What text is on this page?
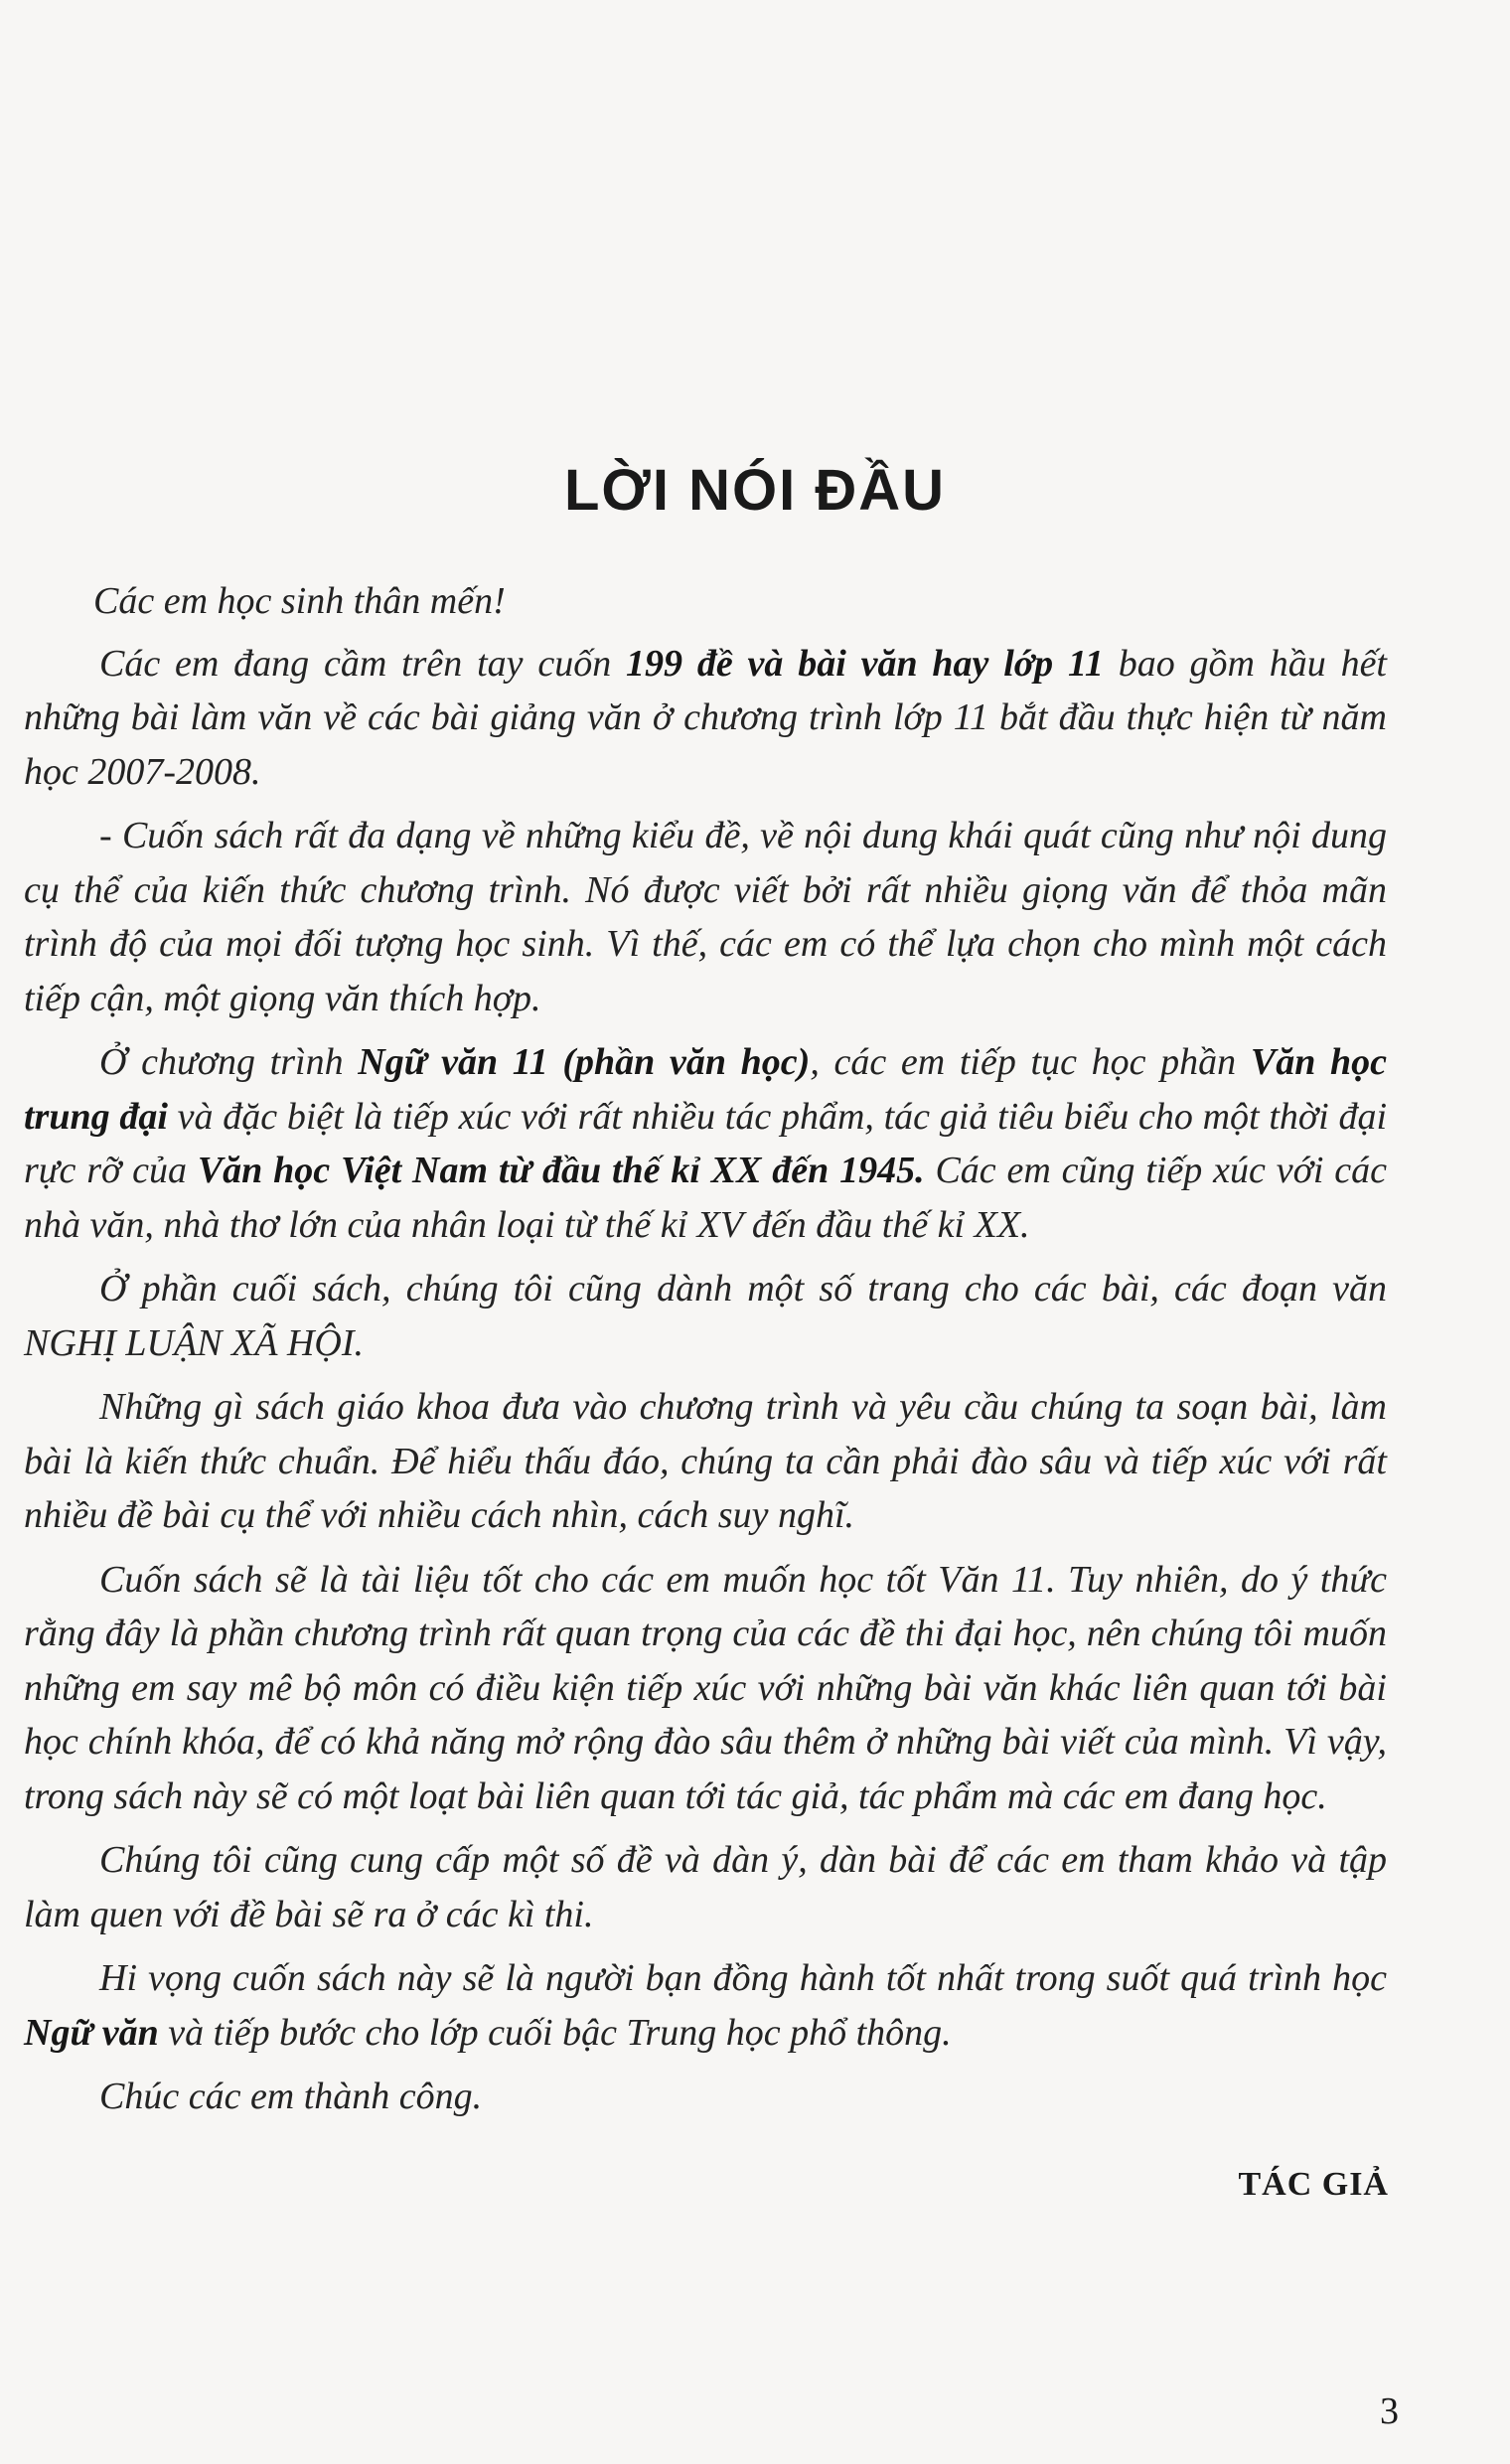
LỜI NÓI ĐẦU

Các em học sinh thân mến!

Các em đang cầm trên tay cuốn 199 đề và bài văn hay lớp 11 bao gồm hầu hết những bài làm văn về các bài giảng văn ở chương trình lớp 11 bắt đầu thực hiện từ năm học 2007-2008.

- Cuốn sách rất đa dạng về những kiểu đề, về nội dung khái quát cũng như nội dung cụ thể của kiến thức chương trình. Nó được viết bởi rất nhiều giọng văn để thỏa mãn trình độ của mọi đối tượng học sinh. Vì thế, các em có thể lựa chọn cho mình một cách tiếp cận, một giọng văn thích hợp.

Ở chương trình Ngữ văn 11 (phần văn học), các em tiếp tục học phần Văn học trung đại và đặc biệt là tiếp xúc với rất nhiều tác phẩm, tác giả tiêu biểu cho một thời đại rực rỡ của Văn học Việt Nam từ đầu thế kỉ XX đến 1945. Các em cũng tiếp xúc với các nhà văn, nhà thơ lớn của nhân loại từ thế kỉ XV đến đầu thế kỉ XX.

Ở phần cuối sách, chúng tôi cũng dành một số trang cho các bài, các đoạn văn NGHỊ LUẬN XÃ HỘI.

Những gì sách giáo khoa đưa vào chương trình và yêu cầu chúng ta soạn bài, làm bài là kiến thức chuẩn. Để hiểu thấu đáo, chúng ta cần phải đào sâu và tiếp xúc với rất nhiều đề bài cụ thể với nhiều cách nhìn, cách suy nghĩ.

Cuốn sách sẽ là tài liệu tốt cho các em muốn học tốt Văn 11. Tuy nhiên, do ý thức rằng đây là phần chương trình rất quan trọng của các đề thi đại học, nên chúng tôi muốn những em say mê bộ môn có điều kiện tiếp xúc với những bài văn khác liên quan tới bài học chính khóa, để có khả năng mở rộng đào sâu thêm ở những bài viết của mình. Vì vậy, trong sách này sẽ có một loạt bài liên quan tới tác giả, tác phẩm mà các em đang học.

Chúng tôi cũng cung cấp một số đề và dàn ý, dàn bài để các em tham khảo và tập làm quen với đề bài sẽ ra ở các kì thi.

Hi vọng cuốn sách này sẽ là người bạn đồng hành tốt nhất trong suốt quá trình học Ngữ văn và tiếp bước cho lớp cuối bậc Trung học phổ thông.

Chúc các em thành công.

TÁC GIẢ
3
